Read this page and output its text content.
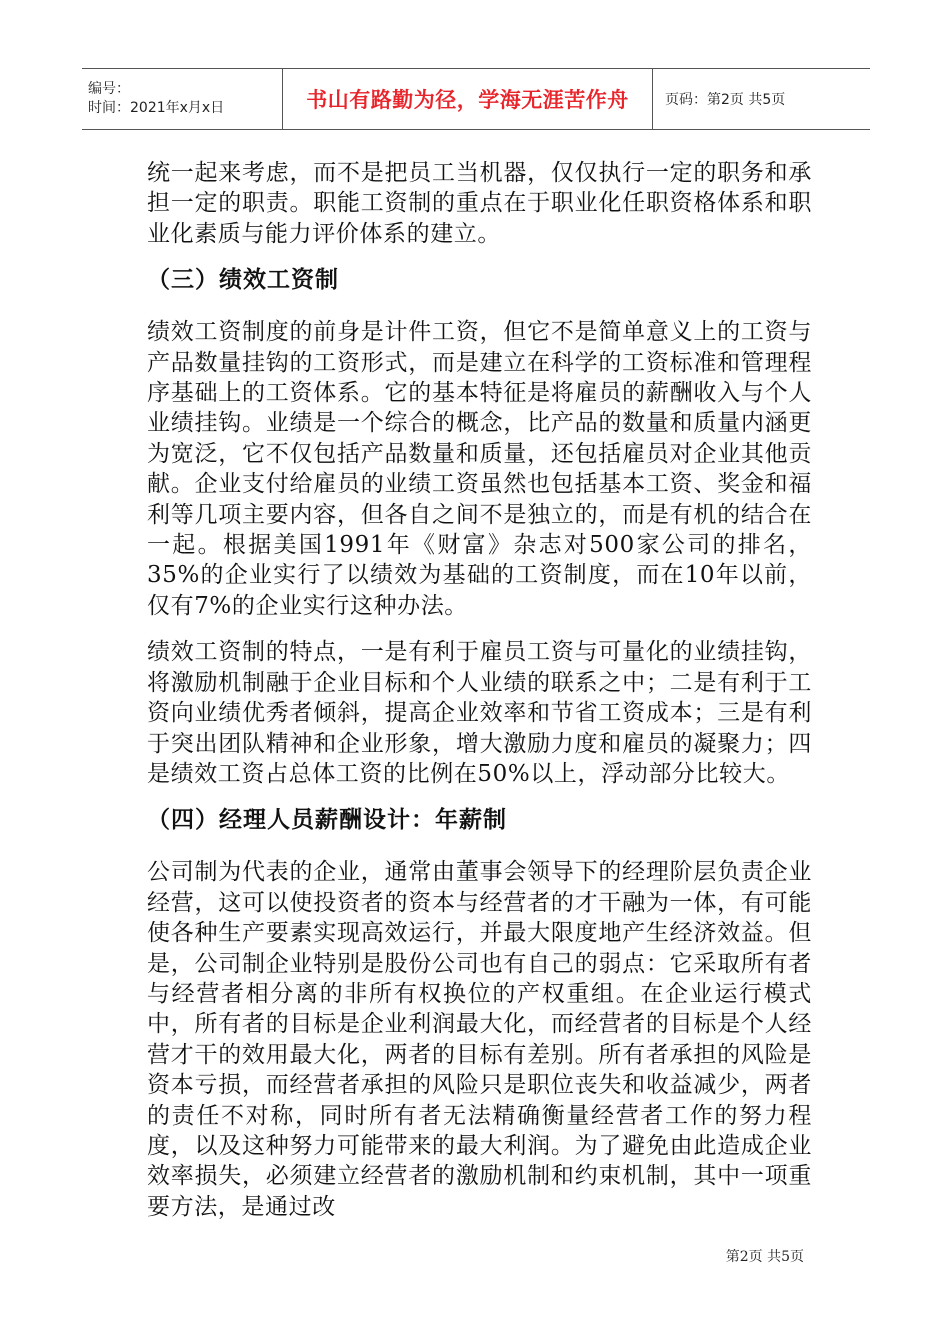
编号：
时间：2021年x月x日	书山有路勤为径，学海无涯苦作舟	页码：第2页 共5页

统一起来考虑，而不是把员工当机器，仅仅执行一定的职务和承担一定的职责。职能工资制的重点在于职业化任职资格体系和职业化素质与能力评价体系的建立。

（三）绩效工资制

绩效工资制度的前身是计件工资，但它不是简单意义上的工资与产品数量挂钩的工资形式，而是建立在科学的工资标准和管理程序基础上的工资体系。它的基本特征是将雇员的薪酬收入与个人业绩挂钩。业绩是一个综合的概念，比产品的数量和质量内涵更为宽泛，它不仅包括产品数量和质量，还包括雇员对企业其他贡献。企业支付给雇员的业绩工资虽然也包括基本工资、奖金和福利等几项主要内容，但各自之间不是独立的，而是有机的结合在一起。根据美国1991年《财富》杂志对500家公司的排名，35%的企业实行了以绩效为基础的工资制度，而在10年以前，仅有7%的企业实行这种办法。

绩效工资制的特点，一是有利于雇员工资与可量化的业绩挂钩，将激励机制融于企业目标和个人业绩的联系之中；二是有利于工资向业绩优秀者倾斜，提高企业效率和节省工资成本；三是有利于突出团队精神和企业形象，增大激励力度和雇员的凝聚力；四是绩效工资占总体工资的比例在50%以上，浮动部分比较大。

（四）经理人员薪酬设计：年薪制

公司制为代表的企业，通常由董事会领导下的经理阶层负责企业经营，这可以使投资者的资本与经营者的才干融为一体，有可能使各种生产要素实现高效运行，并最大限度地产生经济效益。但是，公司制企业特别是股份公司也有自己的弱点：它采取所有者与经营者相分离的非所有权换位的产权重组。在企业运行模式中，所有者的目标是企业利润最大化，而经营者的目标是个人经营才干的效用最大化，两者的目标有差别。所有者承担的风险是资本亏损，而经营者承担的风险只是职位丧失和收益减少，两者的责任不对称，同时所有者无法精确衡量经营者工作的努力程度，以及这种努力可能带来的最大利润。为了避免由此造成企业效率损失，必须建立经营者的激励机制和约束机制，其中一项重要方法，是通过改

第2页 共5页
